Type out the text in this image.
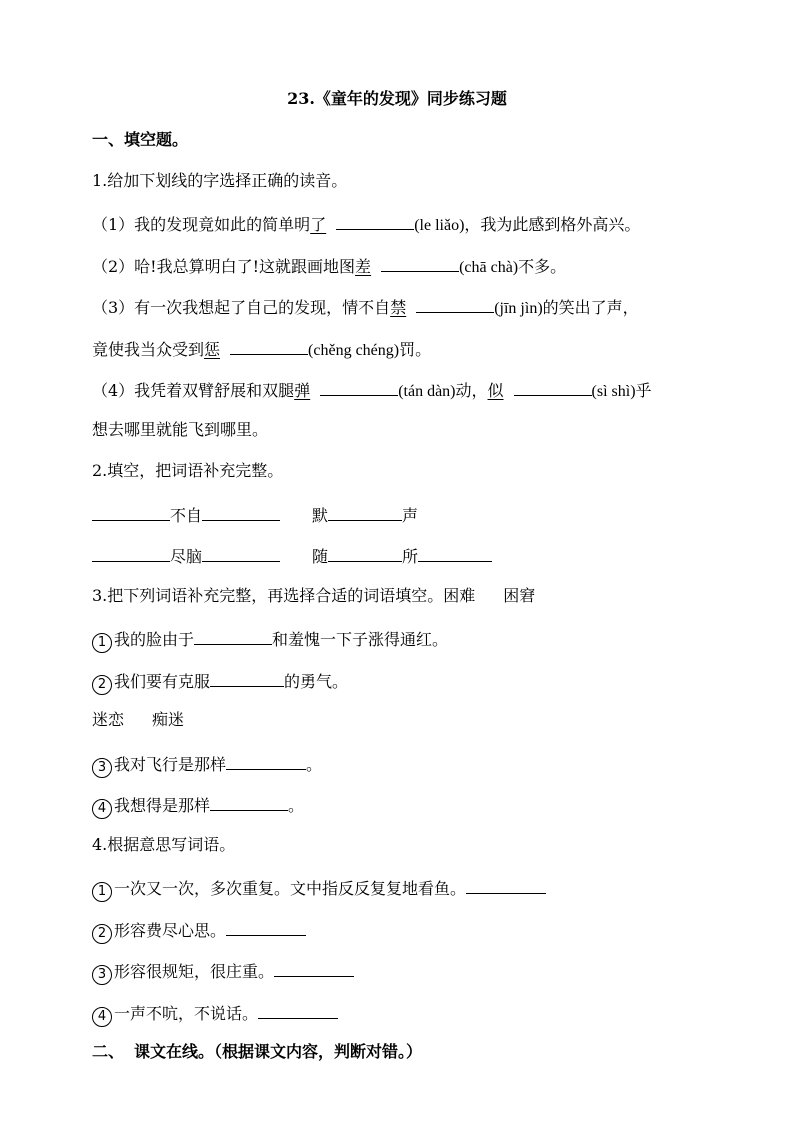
23.《童年的发现》同步练习题
一、填空题。
1.给加下划线的字选择正确的读音。
（1）我的发现竟如此的简单明了	(le liǎo)，我为此感到格外高兴。
（2）哈!我总算明白了!这就跟画地图差	(chā chà)不多。
（3）有一次我想起了自己的发现，情不自禁	(jīn jìn)的笑出了声，
竟使我当众受到惩	(chěng chéng)罚。
（4）我凭着双臂舒展和双腿弹	(tán dàn)动，似	(sì shì)乎
想去哪里就能飞到哪里。
2.填空，把词语补充完整。
不自	默	声
尽脑	随	所
3.把下列词语补充完整，再选择合适的词语填空。困难 困窘
1 我的脸由于	和羞愧一下子涨得通红。
2 我们要有克服	的勇气。
迷恋 痴迷
3 我对飞行是那样	。
4 我想得是那样	。
4.根据意思写词语。
1 一次又一次，多次重复。文中指反反复复地看鱼。
2 形容费尽心思。
3 形容很规矩，很庄重。
4 一声不吭，不说话。
二、 课文在线。（根据课文内容，判断对错。）
